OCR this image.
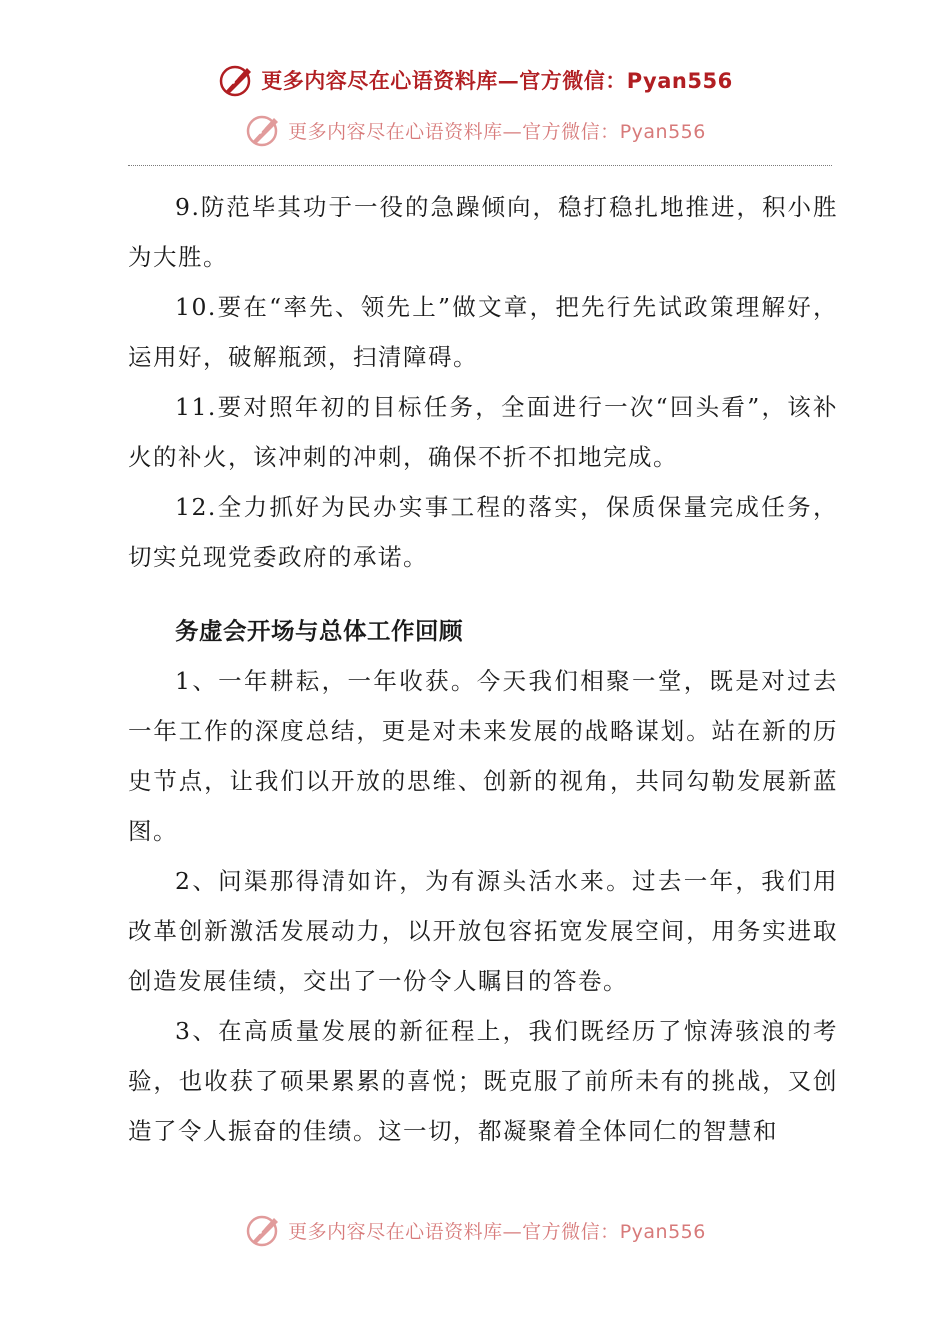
更多内容尽在心语资料库—官方微信：Pyan556
更多内容尽在心语资料库—官方微信：Pyan556

9.防范毕其功于一役的急躁倾向，稳打稳扎地推进，积小胜为大胜。

10.要在“率先、领先上”做文章，把先行先试政策理解好，运用好，破解瓶颈，扫清障碍。

11.要对照年初的目标任务，全面进行一次“回头看”，该补火的补火，该冲刺的冲刺，确保不折不扣地完成。

12.全力抓好为民办实事工程的落实，保质保量完成任务，切实兑现党委政府的承诺。

务虚会开场与总体工作回顾

1、一年耕耘，一年收获。今天我们相聚一堂，既是对过去一年工作的深度总结，更是对未来发展的战略谋划。站在新的历史节点，让我们以开放的思维、创新的视角，共同勾勒发展新蓝图。

2、问渠那得清如许，为有源头活水来。过去一年，我们用改革创新激活发展动力，以开放包容拓宽发展空间，用务实进取创造发展佳绩，交出了一份令人瞩目的答卷。

3、在高质量发展的新征程上，我们既经历了惊涛骇浪的考验，也收获了硕果累累的喜悦；既克服了前所未有的挑战，又创造了令人振奋的佳绩。这一切，都凝聚着全体同仁的智慧和

更多内容尽在心语资料库—官方微信：Pyan556
